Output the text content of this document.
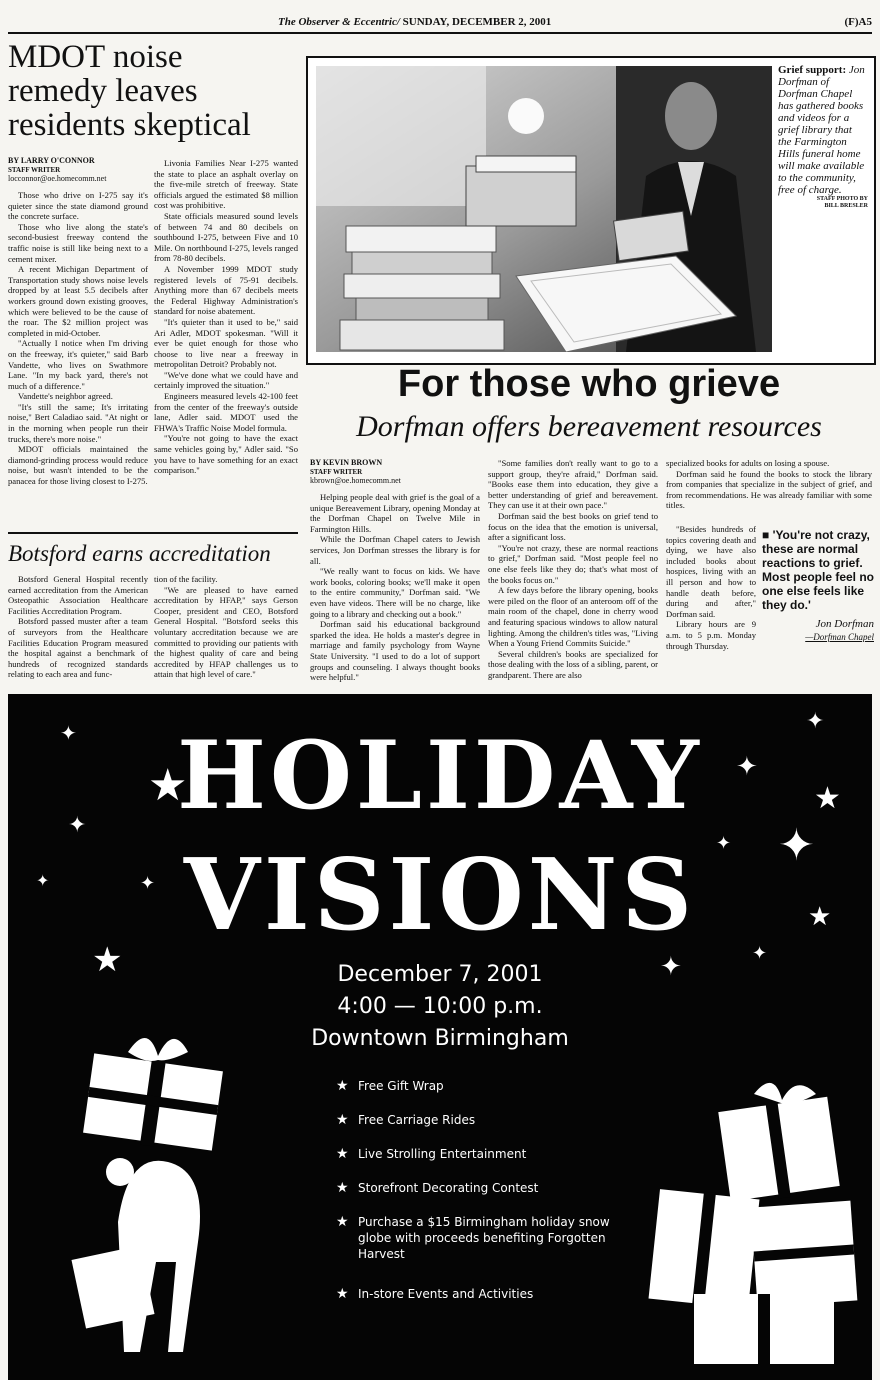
The Observer & Eccentric/ SUNDAY, DECEMBER 2, 2001	(F)A5
MDOT noise
remedy leaves
residents skeptical
BY LARRY O'CONNOR
STAFF WRITER
locconnor@oe.homecomm.net

Those who drive on I-275 say it's quieter since the state diamond ground the concrete surface.

Those who live along the state's second-busiest freeway contend the traffic noise is still like being next to a cement mixer.

A recent Michigan Department of Transportation study shows noise levels dropped by at least 5.5 decibels after workers ground down existing grooves, which were believed to be the cause of the roar. The $2 million project was completed in mid-October.

"Actually I notice when I'm driving on the freeway, it's quieter," said Barb Vandette, who lives on Swathmore Lane. "In my back yard, there's not much of a difference."

Vandette's neighbor agreed.

"It's still the same; It's irritating noise," Bert Caladiao said. "At night or in the morning when people run their trucks, there's more noise."

MDOT officials maintained the diamond-grinding process would reduce noise, but wasn't intended to be the panacea for those living closest to I-275.

Livonia Families Near I-275 wanted the state to place an asphalt overlay on the five-mile stretch of freeway. State officials argued the estimated $8 million cost was prohibitive.

State officials measured sound levels of between 74 and 80 decibels on southbound I-275, between Five and 10 Mile. On northbound I-275, levels ranged from 78-80 decibels.

A November 1999 MDOT study registered levels of 75-91 decibels. Anything more than 67 decibels meets the Federal Highway Administration's standard for noise abatement.

"It's quieter than it used to be," said Ari Adler, MDOT spokesman. "Will it ever be quiet enough for those who choose to live near a freeway in metropolitan Detroit? Probably not.

"We've done what we could have and certainly improved the situation."

Engineers measured levels 42-100 feet from the center of the freeway's outside lane, Adler said. MDOT used the FHWA's Traffic Noise Model formula.

"You're not going to have the exact same vehicles going by," Adler said. "So you have to have something for an exact comparison."

Botsford earns accreditation

Botsford General Hospital recently earned accreditation from the American Osteopathic Association Healthcare Facilities Accreditation Program.

Botsford passed muster after a team of surveyors from the Healthcare Facilities Education Program measured the hospital against a benchmark of hundreds of recognized standards relating to each area and func-

tion of the facility.

"We are pleased to have earned accreditation by HFAP," says Gerson Cooper, president and CEO, Botsford General Hospital. "Botsford seeks this voluntary accreditation because we are committed to providing our patients with the highest quality of care and being accredited by HFAP challenges us to attain that high level of care."

Grief support: Jon Dorfman of Dorfman Chapel has gathered books and videos for a grief library that the Farmington Hills funeral home will make available to the community, free of charge.
STAFF PHOTO BY
BILL BRESLER
For those who grieve
Dorfman offers bereavement resources
BY KEVIN BROWN
STAFF WRITER
kbrown@oe.homecomm.net

Helping people deal with grief is the goal of a unique Bereavement Library, opening Monday at the Dorfman Chapel on Twelve Mile in Farmington Hills.

While the Dorfman Chapel caters to Jewish services, Jon Dorfman stresses the library is for all.

"We really want to focus on kids. We have work books, coloring books; we'll make it open to the entire community," Dorfman said. "We even have videos. There will be no charge, like going to a library and checking out a book."

Dorfman said his educational background sparked the idea. He holds a master's degree in marriage and family psychology from Wayne State University. "I used to do a lot of support groups and counseling. I always thought books were helpful."

"Some families don't really want to go to a support group, they're afraid," Dorfman said. "Books ease them into education, they give a better understanding of grief and bereavement. They can use it at their own pace."

Dorfman said the best books on grief tend to focus on the idea that the emotion is universal, after a significant loss.

"You're not crazy, these are normal reactions to grief," Dorfman said. "Most people feel no one else feels like they do; that's what most of the books focus on."

A few days before the library opening, books were piled on the floor of an anteroom off of the main room of the chapel, done in cherry wood and featuring spacious windows to allow natural lighting. Among the children's titles was, "Living When a Young Friend Commits Suicide."

Several children's books are specialized for those dealing with the loss of a sibling, parent, or grandparent. There are also

specialized books for adults on losing a spouse.

Dorfman said he found the books to stock the library from companies that specialize in the subject of grief, and from recommendations. He was already familiar with some titles.

"Besides hundreds of topics covering death and dying, we have also included books about hospices, living with an ill person and how to handle death before, during and after," Dorfman said.

Library hours are 9 a.m. to 5 p.m. Monday through Thursday.

■ 'You're not crazy, these are normal reactions to grief. Most people feel no one else feels like they do.'
Jon Dorfman
—Dorfman Chapel
HOLIDAY
VISIONS
December 7, 2001
4:00 — 10:00 p.m.
Downtown Birmingham
★ Free Gift Wrap
★ Free Carriage Rides
★ Live Strolling Entertainment
★ Storefront Decorating Contest
★ Purchase a $15 Birmingham holiday snow globe with proceeds benefiting Forgotten Harvest
★ In-store Events and Activities
✦
★
✦
✦
★
✦
✦
✦
★
✦ ✦
★
✦
✦
